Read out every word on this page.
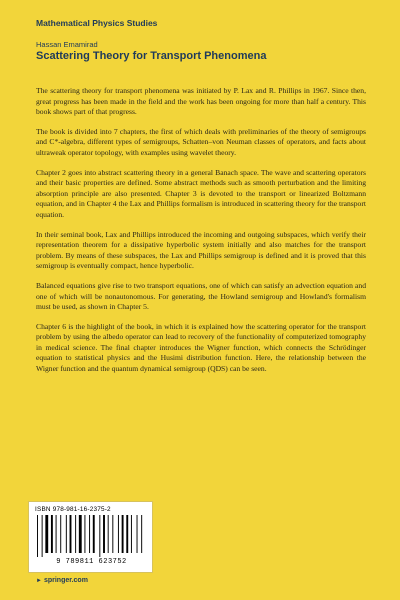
Mathematical Physics Studies
Hassan Emamirad
Scattering Theory for Transport Phenomena

The scattering theory for transport phenomena was initiated by P. Lax and R. Phillips in 1967. Since then, great progress has been made in the field and the work has been ongoing for more than half a century. This book shows part of that progress.

The book is divided into 7 chapters, the first of which deals with preliminaries of the theory of semigroups and C*-algebra, different types of semigroups, Schatten–von Neuman classes of operators, and facts about ultraweak operator topology, with examples using wavelet theory.

Chapter 2 goes into abstract scattering theory in a general Banach space. The wave and scattering operators and their basic properties are defined. Some abstract methods such as smooth perturbation and the limiting absorption principle are also presented. Chapter 3 is devoted to the transport or linearized Boltzmann equation, and in Chapter 4 the Lax and Phillips formalism is introduced in scattering theory for the transport equation.

In their seminal book, Lax and Phillips introduced the incoming and outgoing subspaces, which verify their representation theorem for a dissipative hyperbolic system initially and also matches for the transport problem. By means of these subspaces, the Lax and Phillips semigroup is defined and it is proved that this semigroup is eventually compact, hence hyperbolic.

Balanced equations give rise to two transport equations, one of which can satisfy an advection equation and one of which will be nonautonomous. For generating, the Howland semigroup and Howland's formalism must be used, as shown in Chapter 5.

Chapter 6 is the highlight of the book, in which it is explained how the scattering operator for the transport problem by using the albedo operator can lead to recovery of the functionality of computerized tomography in medical science. The final chapter introduces the Wigner function, which connects the Schrödinger equation to statistical physics and the Husimi distribution function. Here, the relationship between the Wigner function and the quantum dynamical semigroup (QDS) can be seen.

ISBN 978-981-16-2375-2
9 789811 623752
► springer.com
